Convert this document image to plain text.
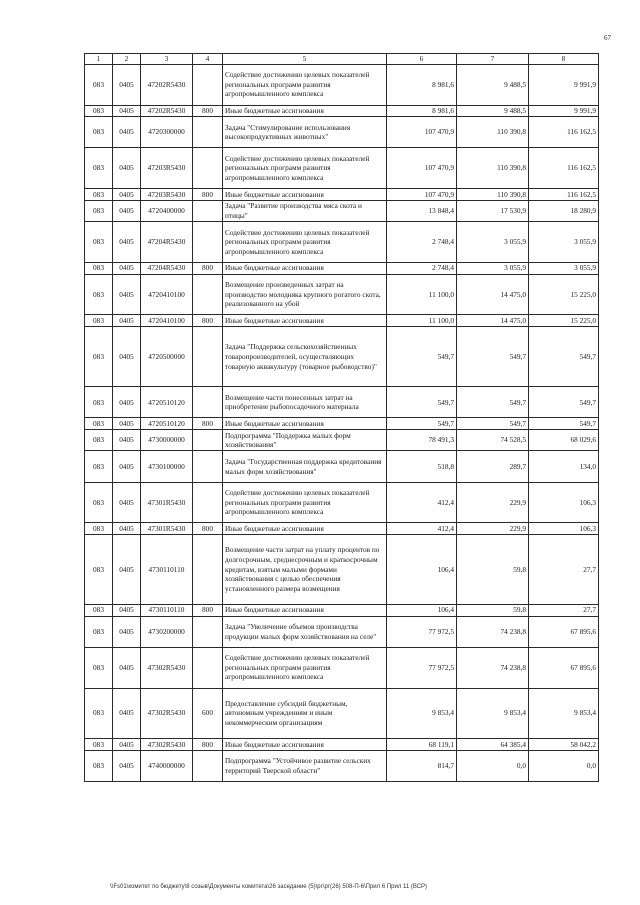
67
1	2	3	4	5	6	7	8
083	0405	47202R5430		Содействие достижению целевых показателей региональных программ развития агропромышленного комплекса	8 981,6	9 488,5	9 991,9
083	0405	47202R5430	800	Иные бюджетные ассигнования	8 981,6	9 488,5	9 991,9
083	0405	4720300000		Задача "Стимулирование использования высокопродуктивных животных"	107 470,9	110 390,8	116 162,5
083	0405	47203R5430		Содействие достижению целевых показателей региональных программ развития агропромышленного комплекса	107 470,9	110 390,8	116 162,5
083	0405	47203R5430	800	Иные бюджетные ассигнования	107 470,9	110 390,8	116 162,5
083	0405	4720400000		Задача "Развитие производства мяса скота и птицы"	13 848,4	17 530,9	18 280,9
083	0405	47204R5430		Содействие достижению целевых показателей региональных программ развития агропромышленного комплекса	2 748,4	3 055,9	3 055,9
083	0405	47204R5430	800	Иные бюджетные ассигнования	2 748,4	3 055,9	3 055,9
083	0405	4720410100		Возмещение произведенных затрат на производство молодняка крупного рогатого скота, реализованного на убой	11 100,0	14 475,0	15 225,0
083	0405	4720410100	800	Иные бюджетные ассигнования	11 100,0	14 475,0	15 225,0
083	0405	4720500000		Задача "Поддержка сельскохозяйственных товаропроизводителей, осуществляющих товарную аквакультуру (товарное рыбоводство)"	549,7	549,7	549,7
083	0405	4720510120		Возмещение части понесенных затрат на приобретение рыбопосадочного материала	549,7	549,7	549,7
083	0405	4720510120	800	Иные бюджетные ассигнования	549,7	549,7	549,7
083	0405	4730000000		Подпрограмма "Поддержка малых форм хозяйствования"	78 491,3	74 528,5	68 029,6
083	0405	4730100000		Задача "Государственная поддержка кредитования малых форм хозяйствования"	518,8	289,7	134,0
083	0405	47301R5430		Содействие достижению целевых показателей региональных программ развития агропромышленного комплекса	412,4	229,9	106,3
083	0405	47301R5430	800	Иные бюджетные ассигнования	412,4	229,9	106,3
083	0405	4730110110		Возмещение части затрат на уплату процентов по долгосрочным, среднесрочным и краткосрочным кредитам, взятым малыми формами хозяйствования с целью обеспечения установленного размера возмещения	106,4	59,8	27,7
083	0405	4730110110	800	Иные бюджетные ассигнования	106,4	59,8	27,7
083	0405	4730200000		Задача "Увеличение объемов производства продукции малых форм хозяйствования на селе"	77 972,5	74 238,8	67 895,6
083	0405	47302R5430		Содействие достижению целевых показателей региональных программ развития агропромышленного комплекса	77 972,5	74 238,8	67 895,6
083	0405	47302R5430	600	Предоставление субсидий бюджетным, автономным учреждениям и иным некоммерческим организациям	9 853,4	9 853,4	9 853,4
083	0405	47302R5430	800	Иные бюджетные ассигнования	68 119,1	64 385,4	58 042,2
083	0405	4740000000		Подпрограмма "Устойчивое развитие сельских территорий Тверской области"	814,7	0,0	0,0
\\Fs01\комитет по бюджету\8 созыв\Документы комитета\26 заседание (5)\рг\рг(26) 508-П-6\Прил 6 Прил 11 (ВСР)
